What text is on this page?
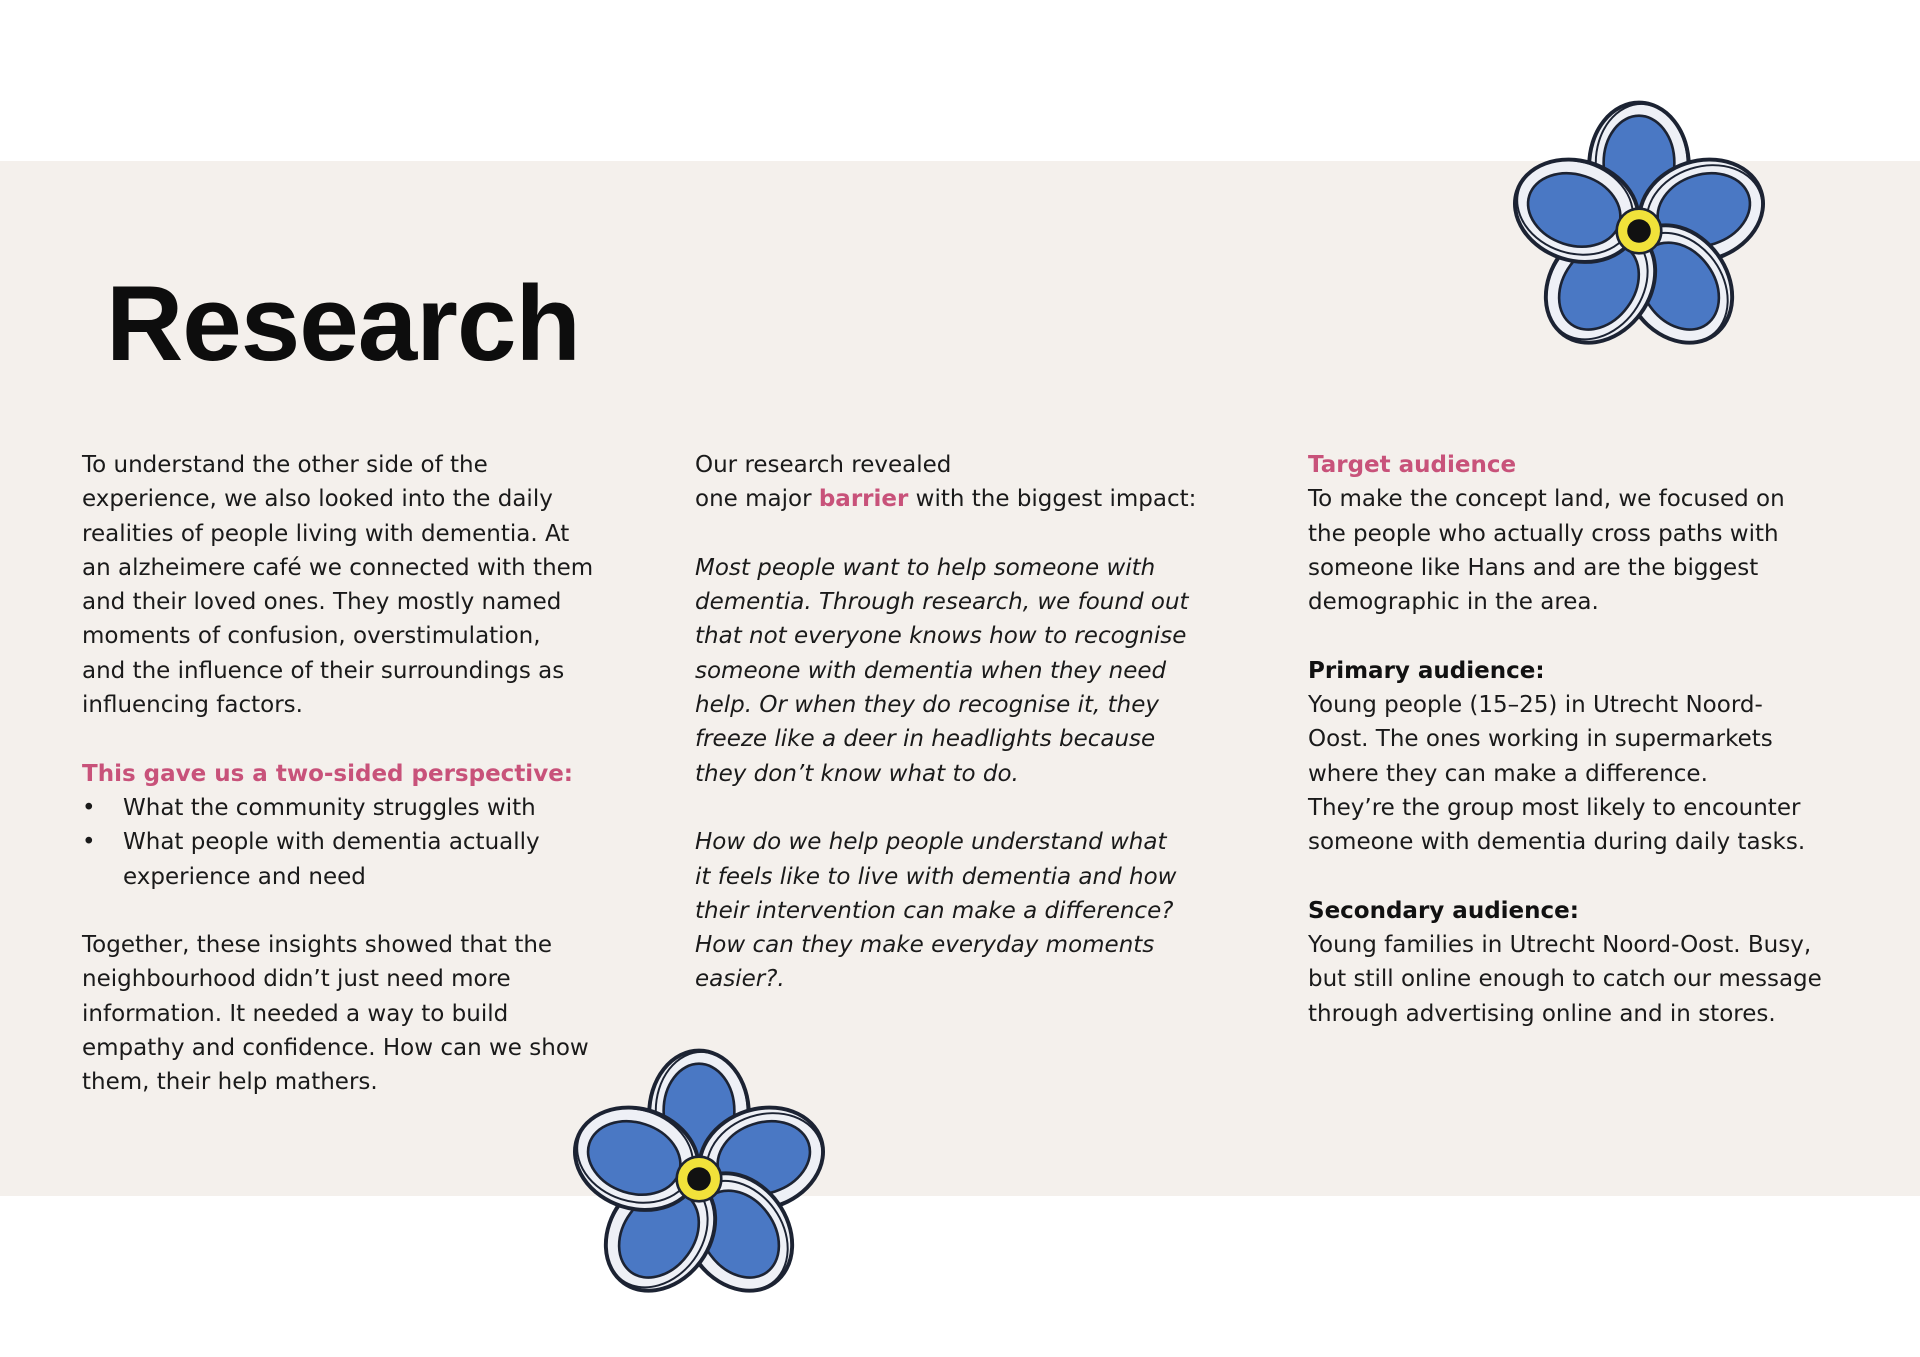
Research

To understand the other side of the

experience, we also looked into the daily

realities of people living with dementia. At

an alzheimere café we connected with them

and their loved ones. They mostly named

moments of confusion, overstimulation,

and the influence of their surroundings as

influencing factors.

This gave us a two-sided perspective:

• What the community struggles with
• What people with dementia actually
experience and need

Together, these insights showed that the

neighbourhood didn’t just need more

information. It needed a way to build

empathy and confidence. How can we show

them, their help mathers.

Our research revealed

one major barrier with the biggest impact:

Most people want to help someone with

dementia. Through research, we found out

that not everyone knows how to recognise

someone with dementia when they need

help. Or when they do recognise it, they

freeze like a deer in headlights because

they don’t know what to do.

How do we help people understand what

it feels like to live with dementia and how

their intervention can make a difference?

How can they make everyday moments

easier?.

Target audience

To make the concept land, we focused on

the people who actually cross paths with

someone like Hans and are the biggest

demographic in the area.

Primary audience:

Young people (15–25) in Utrecht Noord-

Oost. The ones working in supermarkets

where they can make a difference.

They’re the group most likely to encounter

someone with dementia during daily tasks.

Secondary audience:

Young families in Utrecht Noord-Oost. Busy,

but still online enough to catch our message

through advertising online and in stores.
